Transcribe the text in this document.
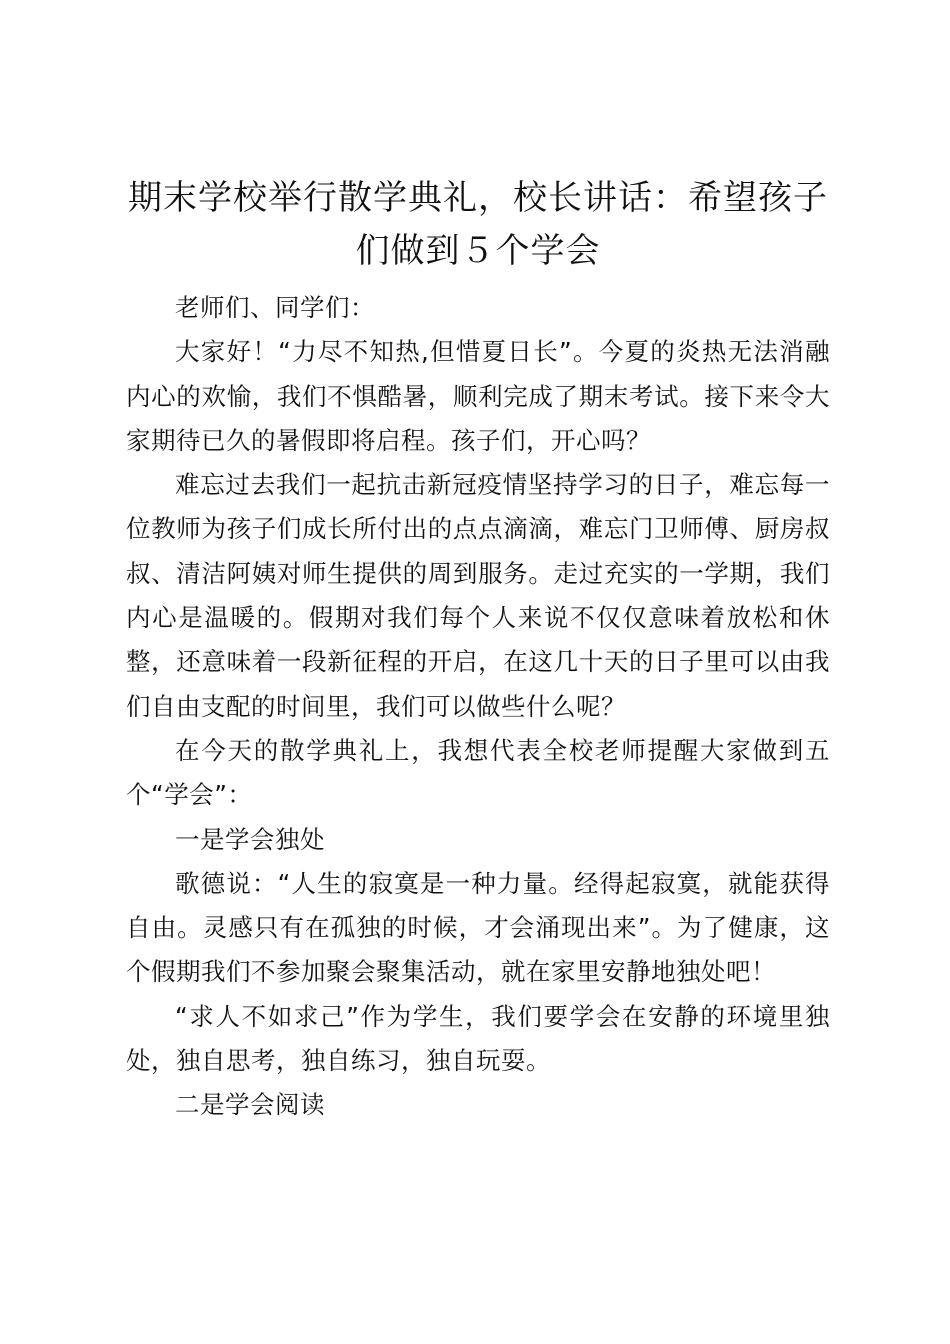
期末学校举行散学典礼，校长讲话：希望孩子们做到５个学会

老师们、同学们：

大家好！“力尽不知热,但惜夏日长”。今夏的炎热无法消融内心的欢愉，我们不惧酷暑，顺利完成了期末考试。接下来令大家期待已久的暑假即将启程。孩子们，开心吗？

难忘过去我们一起抗击新冠疫情坚持学习的日子，难忘每一位教师为孩子们成长所付出的点点滴滴，难忘门卫师傅、厨房叔叔、清洁阿姨对师生提供的周到服务。走过充实的一学期，我们内心是温暖的。假期对我们每个人来说不仅仅意味着放松和休整，还意味着一段新征程的开启，在这几十天的日子里可以由我们自由支配的时间里，我们可以做些什么呢？

在今天的散学典礼上，我想代表全校老师提醒大家做到五个“学会”：

一是学会独处

歌德说：“人生的寂寞是一种力量。经得起寂寞，就能获得自由。灵感只有在孤独的时候，才会涌现出来”。为了健康，这个假期我们不参加聚会聚集活动，就在家里安静地独处吧！

“求人不如求己”作为学生，我们要学会在安静的环境里独处，独自思考，独自练习，独自玩耍。

二是学会阅读
